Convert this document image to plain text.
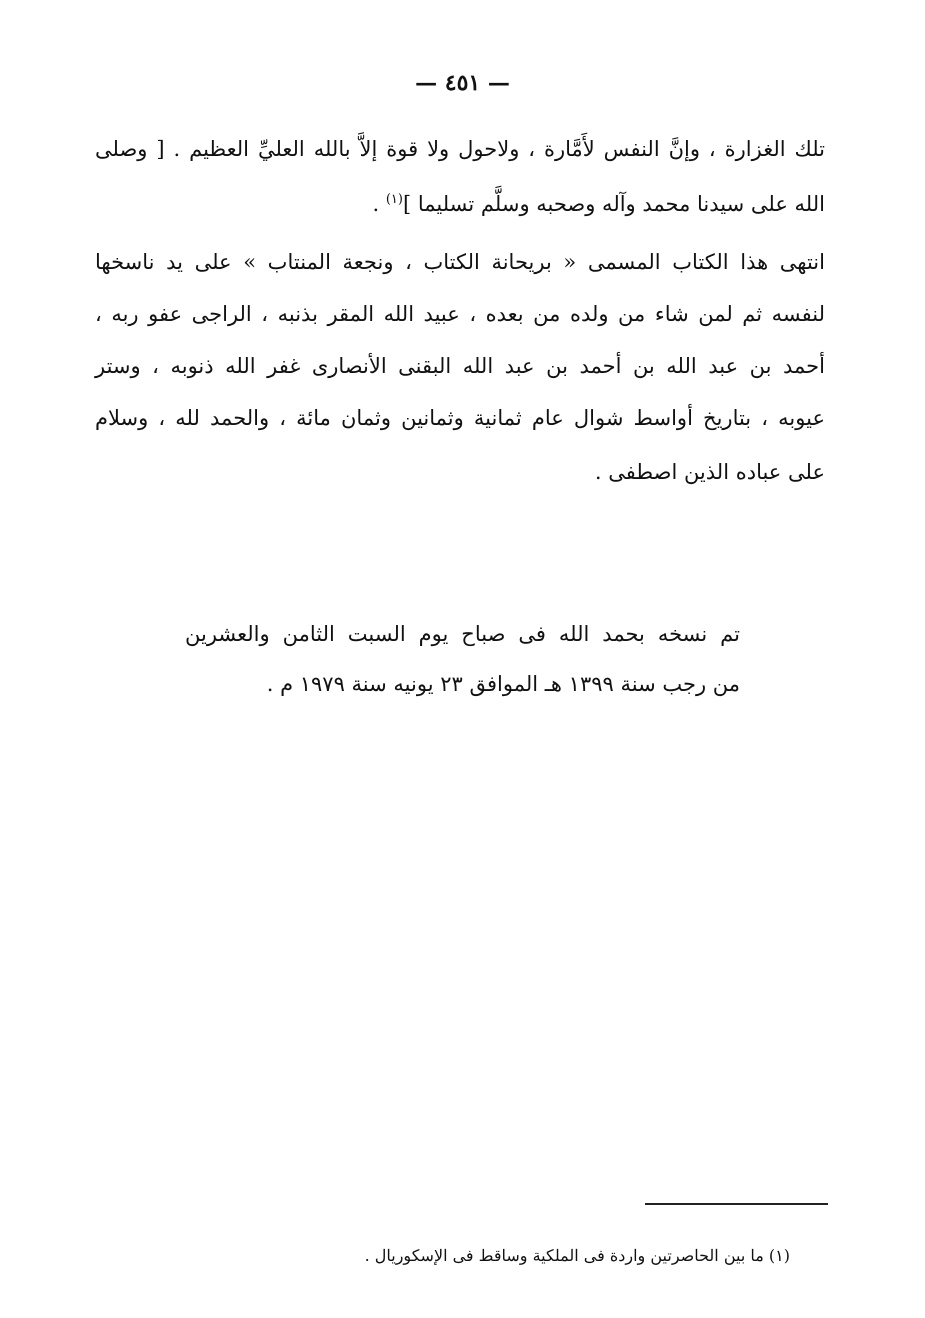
— ٤٥١ —
تلك الغزارة ، وإنَّ النفس لأَمَّارة ، ولاحول ولا قوة إلاَّ بالله العليِّ العظيم . [ وصلى
الله على سيدنا محمد وآله وصحبه وسلَّم تسليما ]$^{(١)}$ .
انتهى هذا الكتاب المسمى « بريحانة الكتاب ، ونجعة المنتاب » على يد ناسخها
لنفسه ثم لمن شاء من ولده من بعده ، عبيد الله المقر بذنبه ، الراجى عفو ربه ،
أحمد بن عبد الله بن أحمد بن عبد الله البقنى الأنصارى غفر الله ذنوبه ، وستر
عيوبه ، بتاريخ أواسط شوال عام ثمانية وثمانين وثمان مائة ، والحمد لله ، وسلام
على عباده الذين اصطفى .
تم نسخه بحمد الله فى صباح يوم السبت الثامن والعشرين
من رجب سنة ١٣٩٩ هـ الموافق ٢٣ يونيه سنة ١٩٧٩ م .
(١) ما بين الحاصرتين واردة فى الملكية وساقط فى الإسكوريال .
